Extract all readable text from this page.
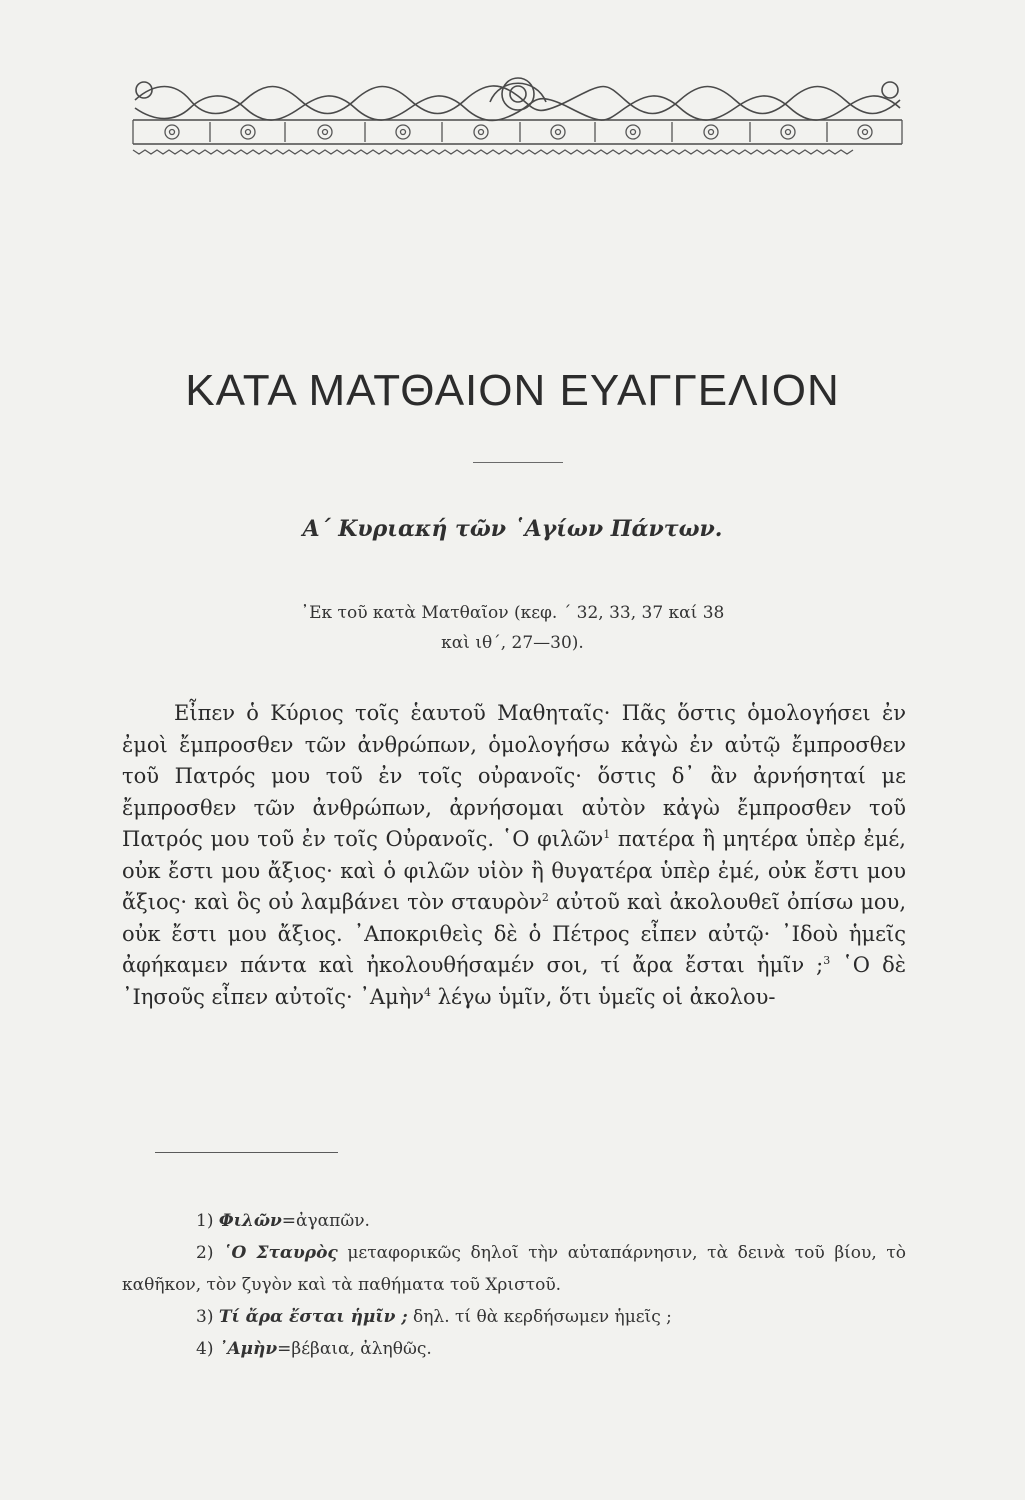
ΚΑΤΑ ΜΑΤΘΑΙΟΝ ΕΥΑΓΓΕΛΙΟΝ
Α΄ Κυριακή τῶν ῾Αγίων Πάντων.
᾿Εκ τοῦ κατὰ Ματθαῖον (κεφ. ΄ 32, 33, 37 καί 38
καὶ ιθ΄, 27—30).

Εἶπεν ὁ Κύριος τοῖς ἑαυτοῦ Μαθηταῖς· Πᾶς ὅστις ὁμολογήσει ἐν ἐμοὶ ἔμπροσθεν τῶν ἀνθρώπων, ὁμολογήσω κἀγὼ ἐν αὐτῷ ἔμπροσθεν τοῦ Πατρός μου τοῦ ἐν τοῖς οὐρανοῖς· ὅστις δ᾿ ἂν ἀρνήσηταί με ἔμπροσθεν τῶν ἀνθρώπων, ἀρνήσομαι αὐτὸν κἀγὼ ἔμπροσθεν τοῦ Πατρός μου τοῦ ἐν τοῖς Οὐρανοῖς. ῾Ο φιλῶν$^1$ πατέρα ἢ μητέρα ὑπὲρ ἐμέ, οὐκ ἔστι μου ἄξιος· καὶ ὁ φιλῶν υἱὸν ἢ θυγατέρα ὑπὲρ ἐμέ, οὐκ ἔστι μου ἄξιος· καὶ ὃς οὐ λαμβάνει τὸν σταυρὸν$^2$ αὐτοῦ καὶ ἀκολουθεῖ ὀπίσω μου, οὐκ ἔστι μου ἄξιος. ᾿Αποκριθεὶς δὲ ὁ Πέτρος εἶπεν αὐτῷ· ᾿Ιδοὺ ἡμεῖς ἀφήκαμεν πάντα καὶ ἠκολουθήσαμέν σοι, τί ἄρα ἔσται ἡμῖν ;$^3$ ῾Ο δὲ ᾿Ιησοῦς εἶπεν αὐτοῖς· ᾿Αμὴν$^4$ λέγω ὑμῖν, ὅτι ὑμεῖς οἱ ἀκολου-

1) Φιλῶν=ἀγαπῶν.

2) ῾Ο Σταυρὸς μεταφορικῶς δηλοῖ τὴν αὐταπάρνησιν, τὰ δεινὰ τοῦ βίου, τὸ καθῆκον, τὸν ζυγὸν καὶ τὰ παθήματα τοῦ Χριστοῦ.

3) Τί ἄρα ἔσται ἡμῖν ; δηλ. τί θὰ κερδήσωμεν ἡμεῖς ;

4) ᾿Αμὴν=βέβαια, ἀληθῶς.
